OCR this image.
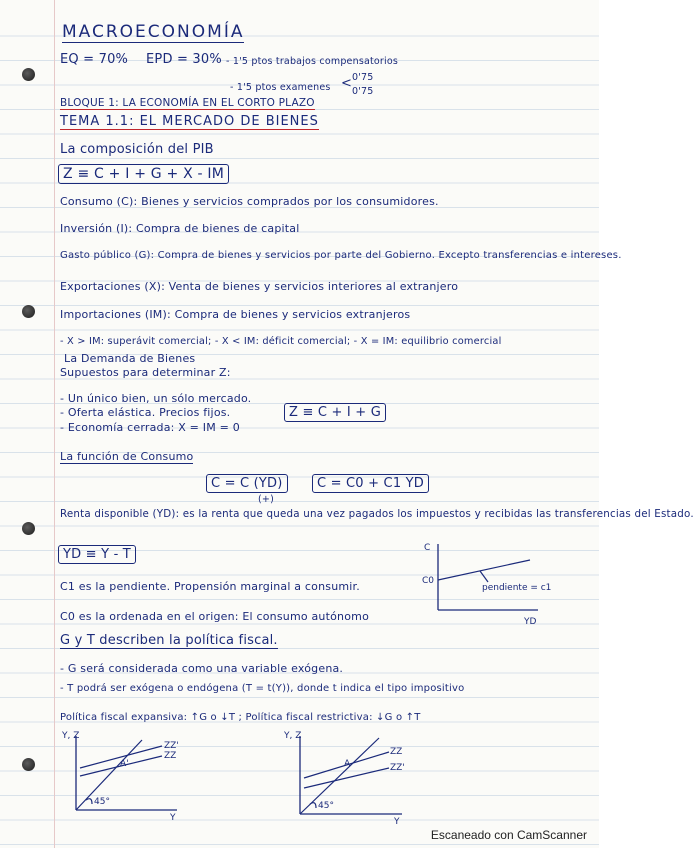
MACROECONOMÍA
EQ = 70% EPD = 30% - 1'5 ptos trabajos compensatorios
- 1'5 ptos examenes < 0'75
0'75
BLOQUE 1: LA ECONOMÍA EN EL CORTO PLAZO
TEMA 1.1: EL MERCADO DE BIENES
La composición del PIB
Z ≡ C + I + G + X - IM
Consumo (C): Bienes y servicios comprados por los consumidores.
Inversión (I): Compra de bienes de capital
Gasto público (G): Compra de bienes y servicios por parte del Gobierno. Excepto transferencias e intereses.
Exportaciones (X): Venta de bienes y servicios interiores al extranjero
Importaciones (IM): Compra de bienes y servicios extranjeros
- X > IM: superávit comercial; - X < IM: déficit comercial; - X = IM: equilibrio comercial
La Demanda de Bienes
Supuestos para determinar Z:
- Un único bien, un sólo mercado.
- Oferta elástica. Precios fijos.
- Economía cerrada: X = IM = 0
Z ≡ C + I + G
La función de Consumo
C = C (YD)
(+)
C = C0 + C1 YD
Renta disponible (YD): es la renta que queda una vez pagados los impuestos y recibidas las transferencias del Estado.
YD ≡ Y - T	C
C0
pendiente = c1
YD
C1 es la pendiente. Propensión marginal a consumir.
C0 es la ordenada en el origen: El consumo autónomo
G y T describen la política fiscal.
- G será considerada como una variable exógena.
- T podrá ser exógena o endógena (T = t(Y)), donde t indica el tipo impositivo
Política fiscal expansiva: ↑G o ↓T ; Política fiscal restrictiva: ↓G o ↑T
Y, Z
Y
ZZ'
ZZ
45°
A'
Y, Z
Y
ZZ
ZZ'
45°
A
Escaneado con CamScanner
